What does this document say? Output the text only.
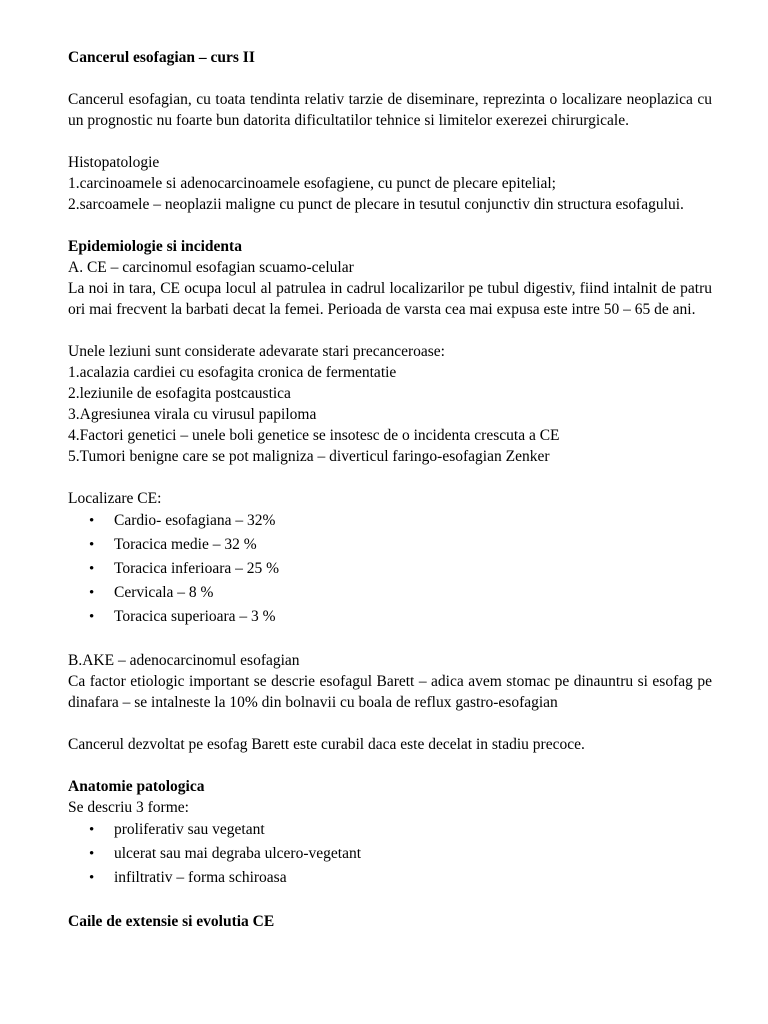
Cancerul esofagian – curs II

Cancerul esofagian, cu toata tendinta relativ tarzie de diseminare, reprezinta o localizare neoplazica cu un prognostic nu foarte bun datorita dificultatilor tehnice si limitelor exerezei chirurgicale.

Histopatologie

1.carcinoamele si adenocarcinoamele esofagiene, cu punct de plecare epitelial;

2.sarcoamele – neoplazii maligne cu punct de plecare in tesutul conjunctiv din structura esofagului.

Epidemiologie si incidenta

A. CE – carcinomul esofagian scuamo-celular

La noi in tara, CE ocupa locul al patrulea in cadrul localizarilor pe tubul digestiv, fiind intalnit de patru ori mai frecvent la barbati decat la femei. Perioada de varsta cea mai expusa este intre 50 – 65 de ani.

Unele leziuni sunt considerate adevarate stari precanceroase:

1.acalazia cardiei cu esofagita cronica de fermentatie

2.leziunile de esofagita postcaustica

3.Agresiunea virala cu virusul papiloma

4.Factori genetici – unele boli genetice se insotesc de o incidenta crescuta a CE

5.Tumori benigne care se pot maligniza – diverticul faringo-esofagian Zenker

Localizare CE:

• Cardio- esofagiana – 32%
• Toracica medie – 32 %
• Toracica inferioara – 25 %
• Cervicala – 8 %
• Toracica superioara – 3 %

B.AKE – adenocarcinomul esofagian

Ca factor etiologic important se descrie esofagul Barett – adica avem stomac pe dinauntru si esofag pe dinafara – se intalneste la 10% din bolnavii cu boala de reflux gastro-esofagian

Cancerul dezvoltat pe esofag Barett este curabil daca este decelat in stadiu precoce.

Anatomie patologica

Se descriu 3 forme:

• proliferativ sau vegetant
• ulcerat sau mai degraba ulcero-vegetant
• infiltrativ – forma schiroasa

Caile de extensie si evolutia CE
